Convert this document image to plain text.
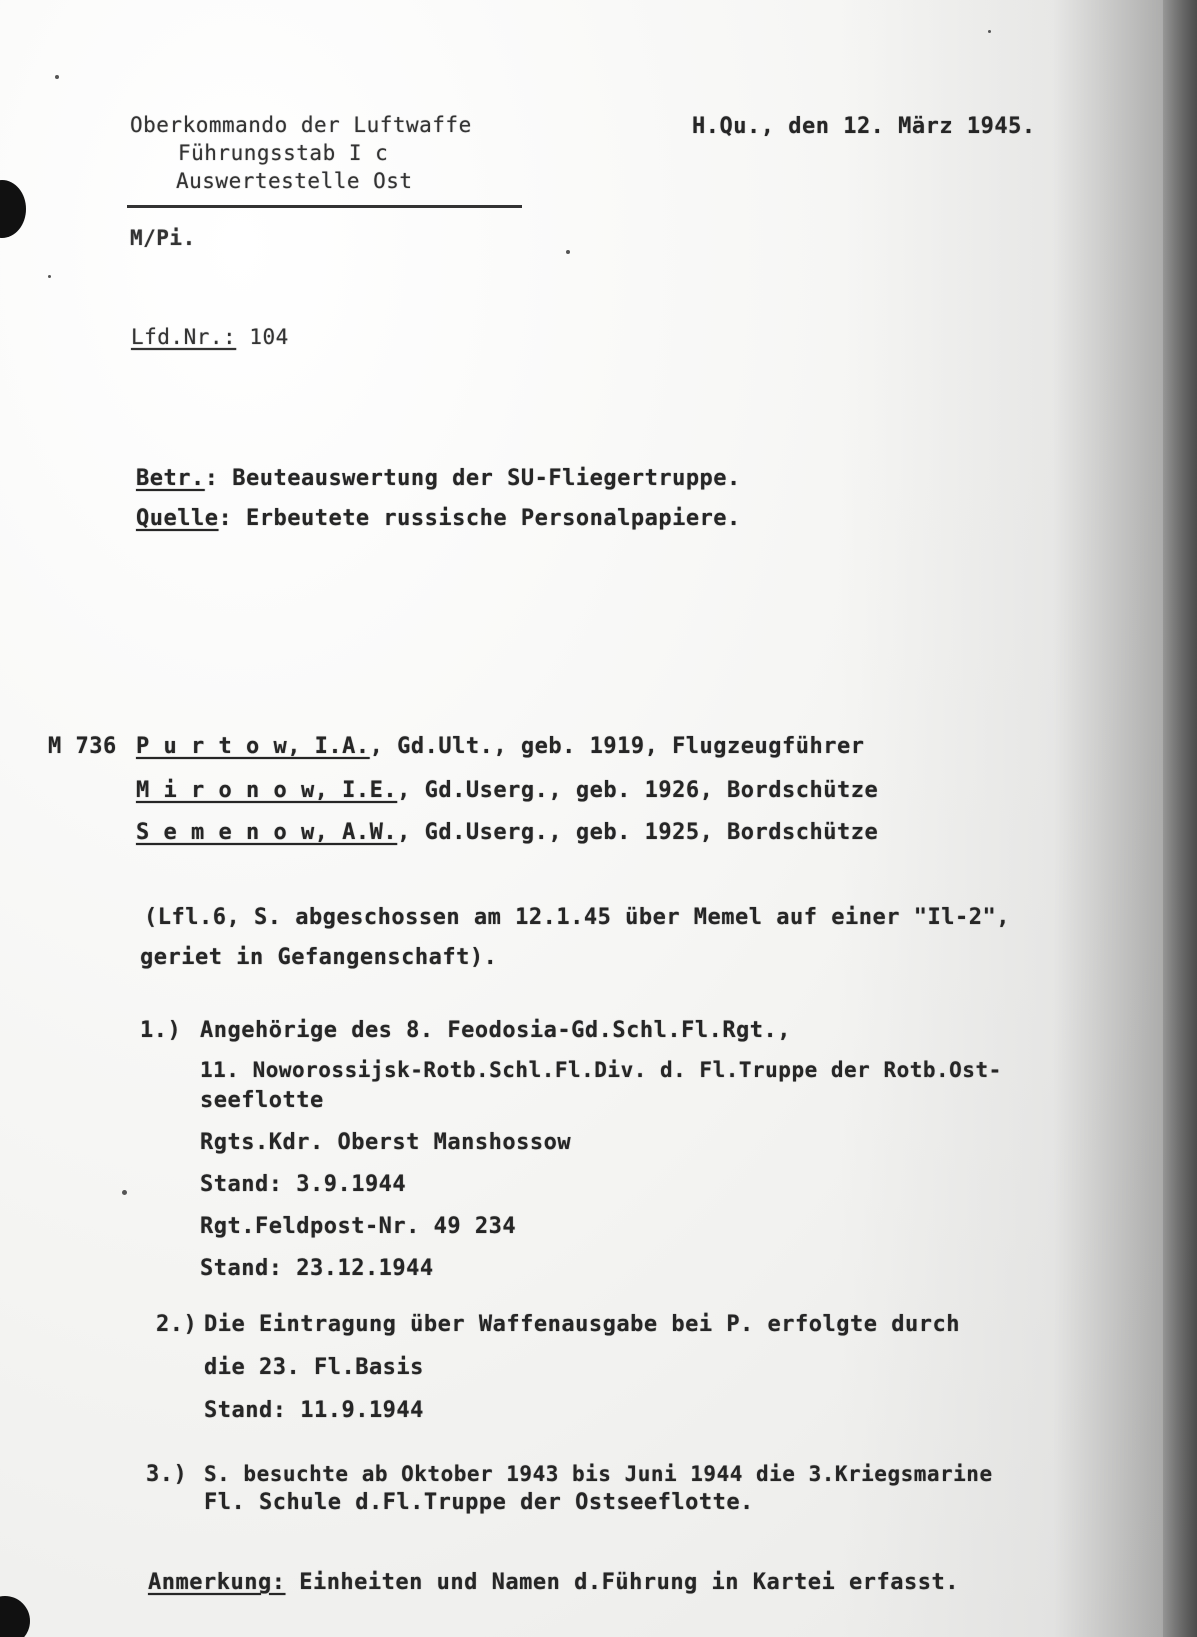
Oberkommando der Luftwaffe
Führungsstab I c
Auswertestelle Ost
H.Qu., den 12. März 1945.
M/Pi.
Lfd.Nr.: 104
Betr.: Beuteauswertung der SU-Fliegertruppe.
Quelle: Erbeutete russische Personalpapiere.
M 736 P u r t o w, I.A., Gd.Ult., geb. 1919, Flugzeugführer
M i r o n o w, I.E., Gd.Userg., geb. 1926, Bordschütze
S e m e n o w, A.W., Gd.Userg., geb. 1925, Bordschütze
(Lfl.6, S. abgeschossen am 12.1.45 über Memel auf einer "Il-2",
geriet in Gefangenschaft).
1.) Angehörige des 8. Feodosia-Gd.Schl.Fl.Rgt.,
11. Noworossijsk-Rotb.Schl.Fl.Div. d. Fl.Truppe der Rotb.Ost-
seeflotte
Rgts.Kdr. Oberst Manshossow
Stand: 3.9.1944
Rgt.Feldpost-Nr. 49 234
Stand: 23.12.1944
2.) Die Eintragung über Waffenausgabe bei P. erfolgte durch
die 23. Fl.Basis
Stand: 11.9.1944
3.) S. besuchte ab Oktober 1943 bis Juni 1944 die 3.Kriegsmarine
Fl. Schule d.Fl.Truppe der Ostseeflotte.
Anmerkung: Einheiten und Namen d.Führung in Kartei erfasst.
